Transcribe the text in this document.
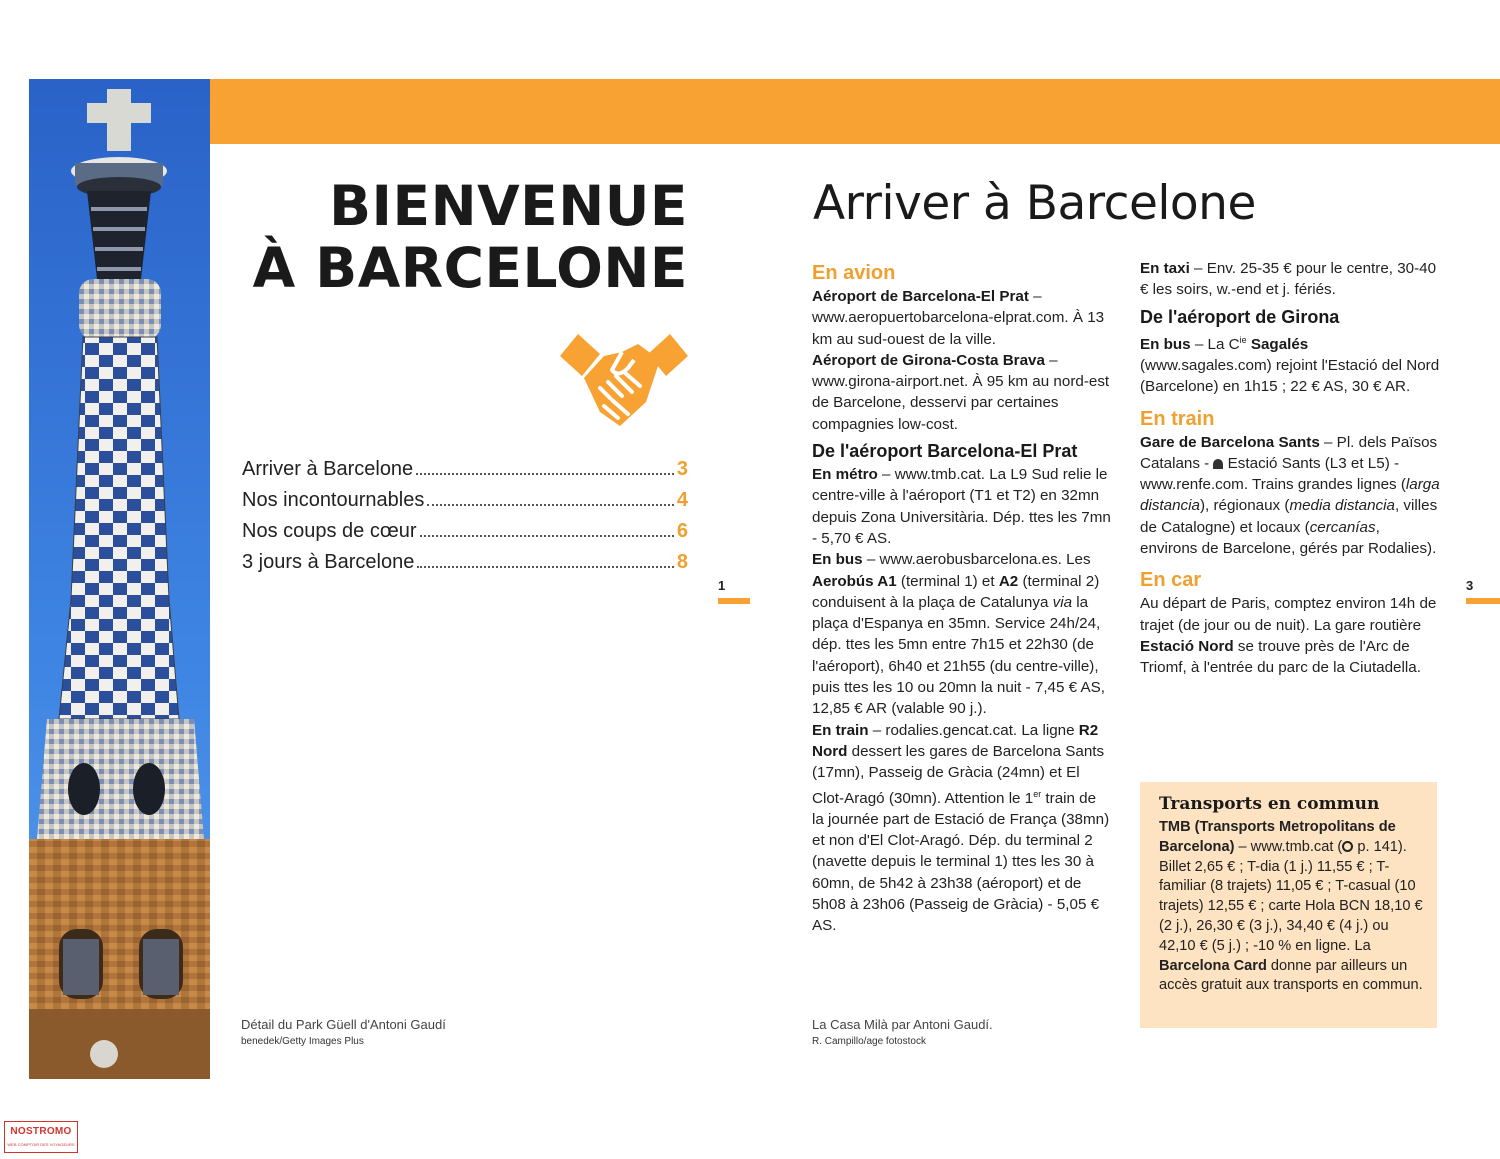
BIENVENUE
À BARCELONE
Arriver à Barcelone	3
Nos incontournables	4
Nos coups de cœur	6
3 jours à Barcelone	8
1
Détail du Park Güell d'Antoni Gaudí
benedek/Getty Images Plus
La Casa Milà par Antoni Gaudí.
R. Campillo/age fotostock
Arriver à Barcelone
En avion

Aéroport de Barcelona-El Prat – www.aeropuertobarcelona-elprat.com. À 13 km au sud-ouest de la ville.

Aéroport de Girona-Costa Brava – www.girona-airport.net. À 95 km au nord-est de Barcelone, desservi par certaines compagnies low-cost.

De l'aéroport Barcelona-El Prat

En métro – www.tmb.cat. La L9 Sud relie le centre-ville à l'aéroport (T1 et T2) en 32mn depuis Zona Universitària. Dép. ttes les 7mn - 5,70 € AS.

En bus – www.aerobusbarcelona.es. Les Aerobús A1 (terminal 1) et A2 (terminal 2) conduisent à la plaça de Catalunya via la plaça d'Espanya en 35mn. Service 24h/24, dép. ttes les 5mn entre 7h15 et 22h30 (de l'aéroport), 6h40 et 21h55 (du centre-ville), puis ttes les 10 ou 20mn la nuit - 7,45 € AS, 12,85 € AR (valable 90 j.).

En train – rodalies.gencat.cat. La ligne R2 Nord dessert les gares de Barcelona Sants (17mn), Passeig de Gràcia (24mn) et El Clot-Aragó (30mn). Attention le 1er train de la journée part de Estació de França (38mn) et non d'El Clot-Aragó. Dép. du terminal 2 (navette depuis le terminal 1) ttes les 30 à 60mn, de 5h42 à 23h38 (aéroport) et de 5h08 à 23h06 (Passeig de Gràcia) - 5,05 € AS.

En taxi – Env. 25-35 € pour le centre, 30-40 € les soirs, w.-end et j. fériés.

De l'aéroport de Girona

En bus – La $C^{ie}$ Sagalés (www.sagales.com) rejoint l'Estació del Nord (Barcelone) en 1h15 ; 22 € AS, 30 € AR.

En train

Gare de Barcelona Sants – Pl. dels Països Catalans -  Estació Sants (L3 et L5) - www.renfe.com. Trains grandes lignes (larga distancia), régionaux (media distancia, villes de Catalogne) et locaux (cercanías, environs de Barcelone, gérés par Rodalies).

En car

Au départ de Paris, comptez environ 14h de trajet (de jour ou de nuit). La gare routière Estació Nord se trouve près de l'Arc de Triomf, à l'entrée du parc de la Ciutadella.

Transports en commun

TMB (Transports Metropolitans de Barcelona) – www.tmb.cat ( p. 141). Billet 2,65 € ; T-dia (1 j.) 11,55 € ; T-familiar (8 trajets) 11,05 € ; T-casual (10 trajets) 12,55 € ; carte Hola BCN 18,10 € (2 j.), 26,30 € (3 j.), 34,40 € (4 j.) ou 42,10 € (5 j.) ; -10 % en ligne. La Barcelona Card donne par ailleurs un accès gratuit aux transports en commun.

3
NOSTROMO
WEB COMPTOIR DES VOYAGEURS
